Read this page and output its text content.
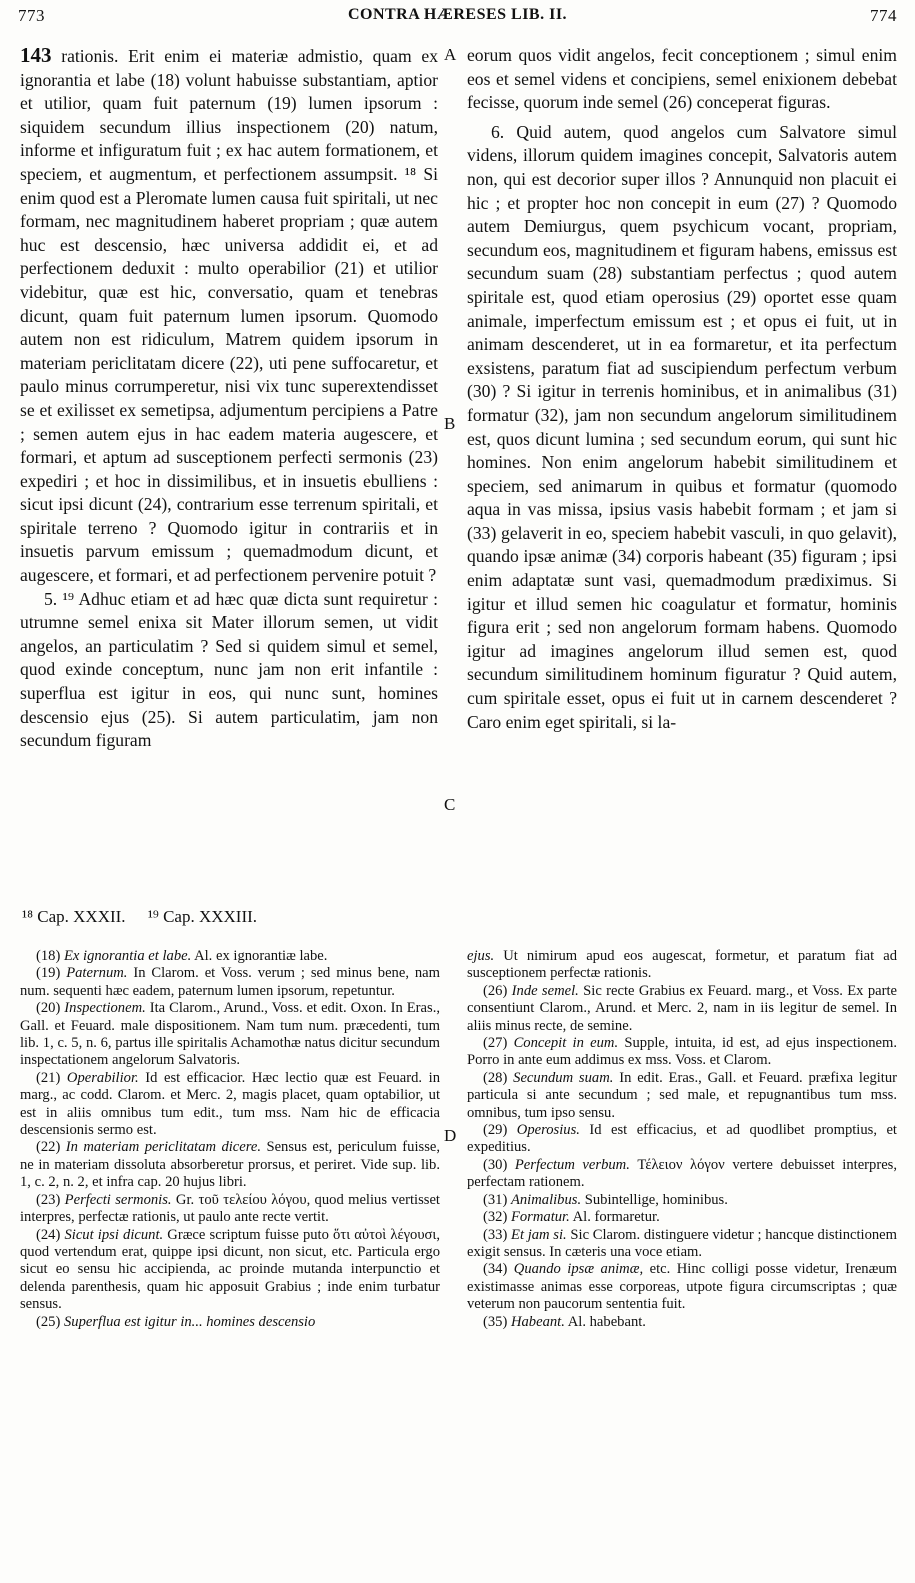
773	CONTRA HÆRESES LIB. II.	774
A
B
C
D

143 rationis. Erit enim ei materiæ admistio, quam ex ignorantia et labe (18) volunt habuisse substantiam, aptior et utilior, quam fuit paternum (19) lumen ipsorum : siquidem secundum illius inspectionem (20) natum, informe et infiguratum fuit ; ex hac autem formationem, et speciem, et augmentum, et perfectionem assumpsit. ¹⁸ Si enim quod est a Pleromate lumen causa fuit spiritali, ut nec formam, nec magnitudinem haberet propriam ; quæ autem huc est descensio, hæc universa addidit ei, et ad perfectionem deduxit : multo operabilior (21) et utilior videbitur, quæ est hic, conversatio, quam et tenebras dicunt, quam fuit paternum lumen ipsorum. Quomodo autem non est ridiculum, Matrem quidem ipsorum in materiam periclitatam dicere (22), uti pene suffocaretur, et paulo minus corrumperetur, nisi vix tunc superextendisset se et exilisset ex semetipsa, adjumentum percipiens a Patre ; semen autem ejus in hac eadem materia augescere, et formari, et aptum ad susceptionem perfecti sermonis (23) expediri ; et hoc in dissimilibus, et in insuetis ebulliens : sicut ipsi dicunt (24), contrarium esse terrenum spiritali, et spiritale terreno ? Quomodo igitur in contrariis et in insuetis parvum emissum ; quemadmodum dicunt, et augescere, et formari, et ad perfectionem pervenire potuit ?

5. ¹⁹ Adhuc etiam et ad hæc quæ dicta sunt requiretur : utrumne semel enixa sit Mater illorum semen, ut vidit angelos, an particulatim ? Sed si quidem simul et semel, quod exinde conceptum, nunc jam non erit infantile : superflua est igitur in eos, qui nunc sunt, homines descensio ejus (25). Si autem particulatim, jam non secundum figuram

eorum quos vidit angelos, fecit conceptionem ; simul enim eos et semel videns et concipiens, semel enixionem debebat fecisse, quorum inde semel (26) conceperat figuras.

6. Quid autem, quod angelos cum Salvatore simul videns, illorum quidem imagines concepit, Salvatoris autem non, qui est decorior super illos ? Annunquid non placuit ei hic ; et propter hoc non concepit in eum (27) ? Quomodo autem Demiurgus, quem psychicum vocant, propriam, secundum eos, magnitudinem et figuram habens, emissus est secundum suam (28) substantiam perfectus ; quod autem spiritale est, quod etiam operosius (29) oportet esse quam animale, imperfectum emissum est ; et opus ei fuit, ut in animam descenderet, ut in ea formaretur, et ita perfectum exsistens, paratum fiat ad suscipiendum perfectum verbum (30) ? Si igitur in terrenis hominibus, et in animalibus (31) formatur (32), jam non secundum angelorum similitudinem est, quos dicunt lumina ; sed secundum eorum, qui sunt hic homines. Non enim angelorum habebit similitudinem et speciem, sed animarum in quibus et formatur (quomodo aqua in vas missa, ipsius vasis habebit formam ; et jam si (33) gelaverit in eo, speciem habebit vasculi, in quo gelavit), quando ipsæ animæ (34) corporis habeant (35) figuram ; ipsi enim adaptatæ sunt vasi, quemadmodum prædiximus. Si igitur et illud semen hic coagulatur et formatur, hominis figura erit ; sed non angelorum formam habens. Quomodo igitur ad imagines angelorum illud semen est, quod secundum similitudinem hominum figuratur ? Quid autem, cum spiritale esset, opus ei fuit ut in carnem descenderet ? Caro enim eget spiritali, si la-

¹⁸ Cap. XXXII. ¹⁹ Cap. XXXIII.

(18) Ex ignorantia et labe. Al. ex ignorantiæ labe.

(19) Paternum. In Clarom. et Voss. verum ; sed minus bene, nam num. sequenti hæc eadem, paternum lumen ipsorum, repetuntur.

(20) Inspectionem. Ita Clarom., Arund., Voss. et edit. Oxon. In Eras., Gall. et Feuard. male dispositionem. Nam tum num. præcedenti, tum lib. 1, c. 5, n. 6, partus ille spiritalis Achamothæ natus dicitur secundum inspectationem angelorum Salvatoris.

(21) Operabilior. Id est efficacior. Hæc lectio quæ est Feuard. in marg., ac codd. Clarom. et Merc. 2, magis placet, quam optabilior, ut est in aliis omnibus tum edit., tum mss. Nam hic de efficacia descensionis sermo est.

(22) In materiam periclitatam dicere. Sensus est, periculum fuisse, ne in materiam dissoluta absorberetur prorsus, et periret. Vide sup. lib. 1, c. 2, n. 2, et infra cap. 20 hujus libri.

(23) Perfecti sermonis. Gr. τοῦ τελείου λόγου, quod melius vertisset interpres, perfectæ rationis, ut paulo ante recte vertit.

(24) Sicut ipsi dicunt. Græce scriptum fuisse puto ὅτι αὐτοὶ λέγουσι, quod vertendum erat, quippe ipsi dicunt, non sicut, etc. Particula ergo sicut eo sensu hic accipienda, ac proinde mutanda interpunctio et delenda parenthesis, quam hic apposuit Grabius ; inde enim turbatur sensus.

(25) Superflua est igitur in... homines descensio

ejus. Ut nimirum apud eos augescat, formetur, et paratum fiat ad susceptionem perfectæ rationis.

(26) Inde semel. Sic recte Grabius ex Feuard. marg., et Voss. Ex parte consentiunt Clarom., Arund. et Merc. 2, nam in iis legitur de semel. In aliis minus recte, de semine.

(27) Concepit in eum. Supple, intuita, id est, ad ejus inspectionem. Porro in ante eum addimus ex mss. Voss. et Clarom.

(28) Secundum suam. In edit. Eras., Gall. et Feuard. præfixa legitur particula si ante secundum ; sed male, et repugnantibus tum mss. omnibus, tum ipso sensu.

(29) Operosius. Id est efficacius, et ad quodlibet promptius, et expeditius.

(30) Perfectum verbum. Τέλειον λόγον vertere debuisset interpres, perfectam rationem.

(31) Animalibus. Subintellige, hominibus.

(32) Formatur. Al. formaretur.

(33) Et jam si. Sic Clarom. distinguere videtur ; hancque distinctionem exigit sensus. In cæteris una voce etiam.

(34) Quando ipsæ animæ, etc. Hinc colligi posse videtur, Irenæum existimasse animas esse corporeas, utpote figura circumscriptas ; quæ veterum non paucorum sententia fuit.

(35) Habeant. Al. habebant.
